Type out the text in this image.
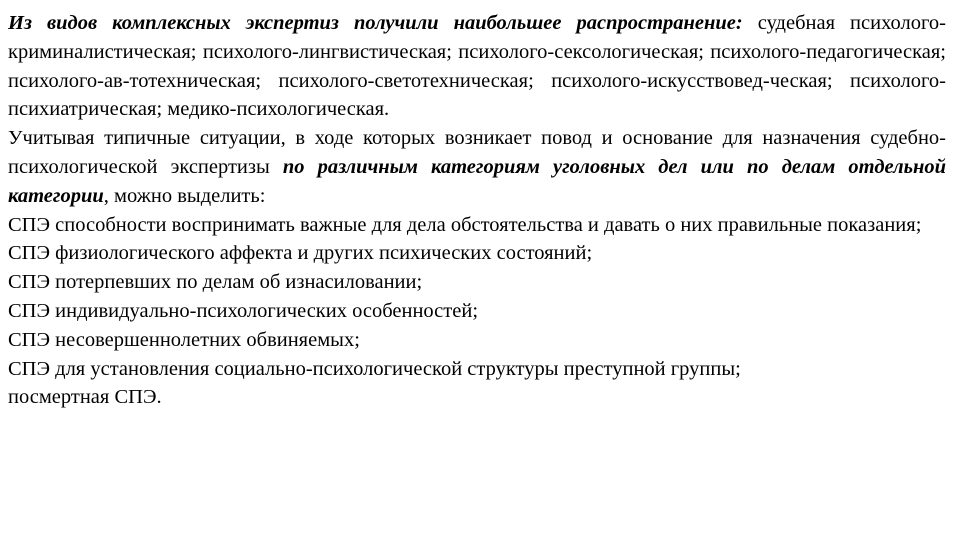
Из видов комплексных экспертиз получили наибольшее распространение: судебная психолого-криминалистическая; психолого-лингвистическая; психолого-сексологическая; психолого-педагогическая; психолого-ав-тотехническая; психолого-светотехническая; психолого-искусствовед-ческая; психолого-психиатрическая; медико-психологическая.

Учитывая типичные ситуации, в ходе которых возникает повод и основание для назначения судебно-психологической экспертизы по различным категориям уголовных дел или по делам отдельной категории, можно выделить:

СПЭ способности воспринимать важные для дела обстоятельства и давать о них правильные показания;
СПЭ физиологического аффекта и других психических состояний;
СПЭ потерпевших по делам об изнасиловании;
СПЭ индивидуально-психологических особенностей;
СПЭ несовершеннолетних обвиняемых;
СПЭ для установления социально-психологической структуры преступной группы;
посмертная СПЭ.
